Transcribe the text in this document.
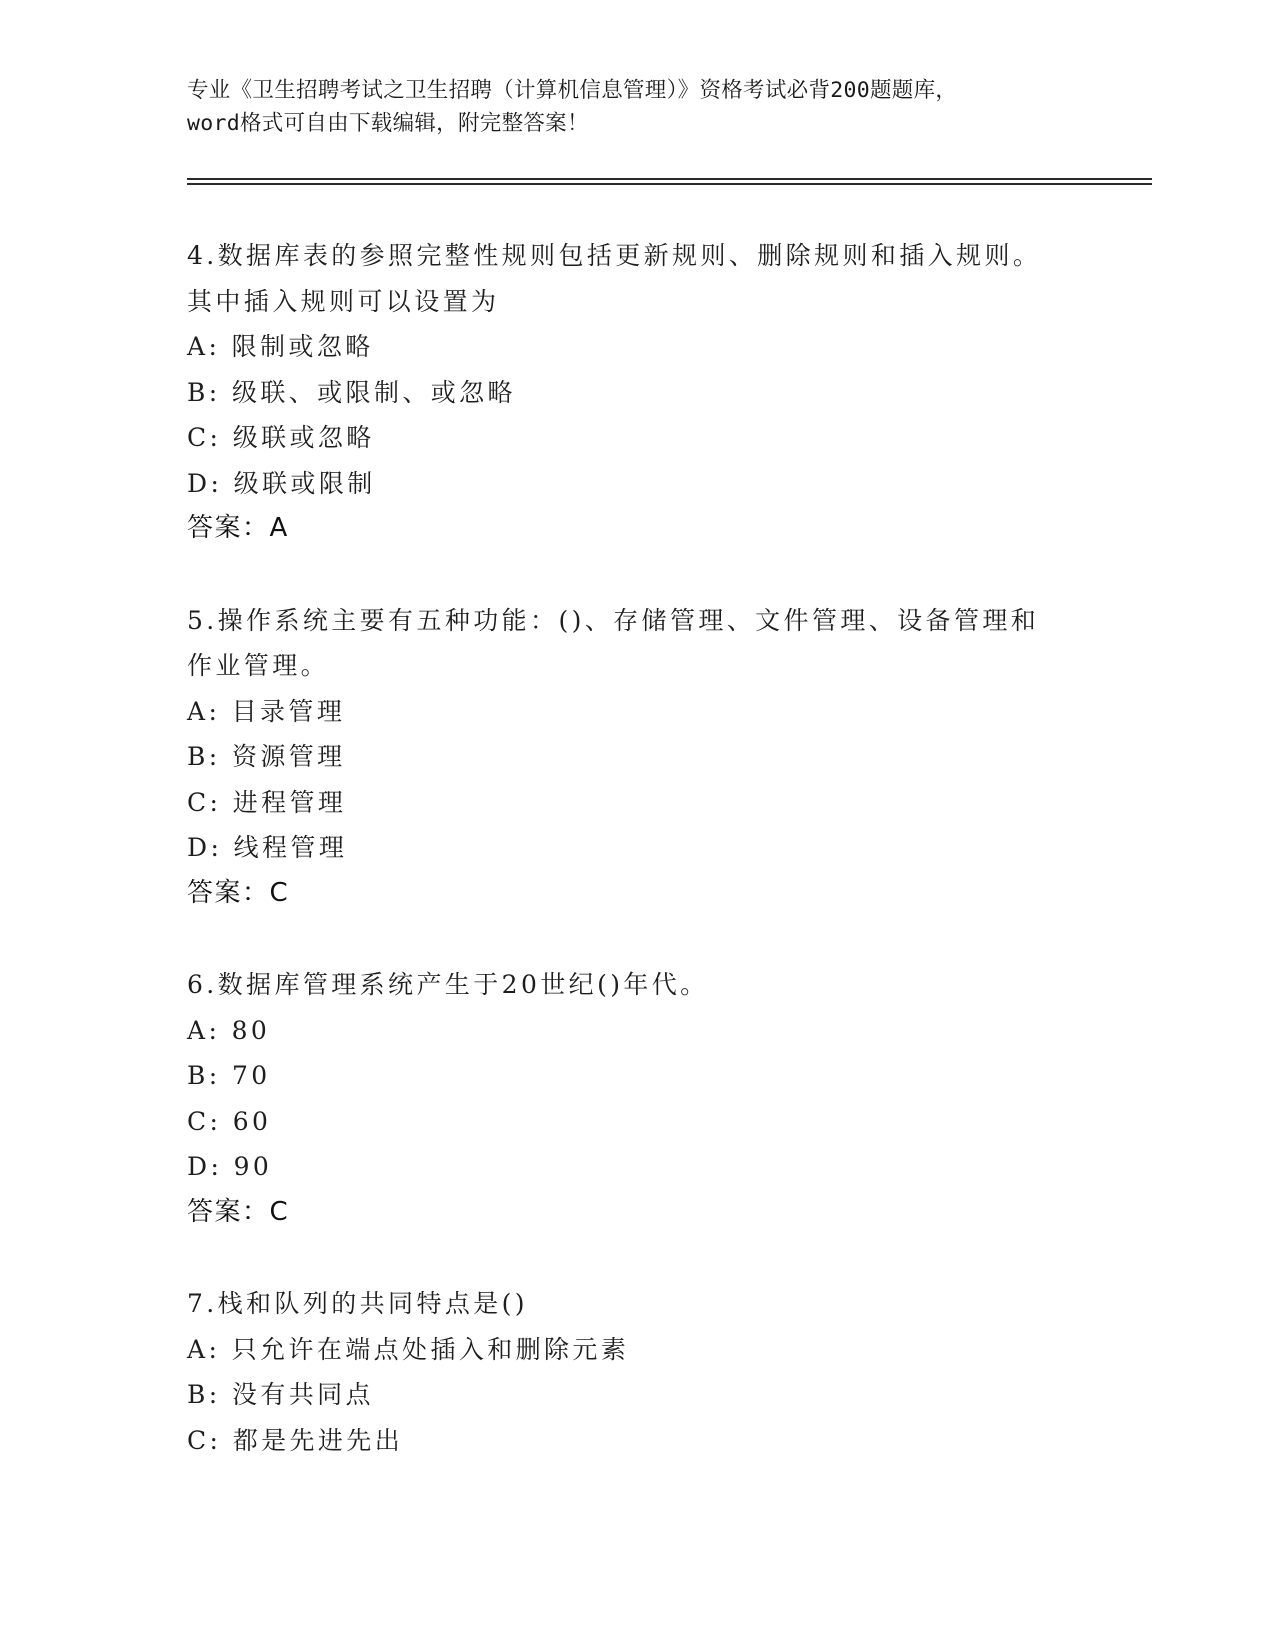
专业《卫生招聘考试之卫生招聘（计算机信息管理）》资格考试必背200题题库，
word格式可自由下载编辑，附完整答案！
4.数据库表的参照完整性规则包括更新规则、删除规则和插入规则。
其中插入规则可以设置为
A: 限制或忽略
B: 级联、或限制、或忽略
C: 级联或忽略
D: 级联或限制
答案：A
5.操作系统主要有五种功能：()、存储管理、文件管理、设备管理和
作业管理。
A: 目录管理
B: 资源管理
C: 进程管理
D: 线程管理
答案：C
6.数据库管理系统产生于20世纪()年代。
A: 80
B: 70
C: 60
D: 90
答案：C
7.栈和队列的共同特点是()
A: 只允许在端点处插入和删除元素
B: 没有共同点
C: 都是先进先出
